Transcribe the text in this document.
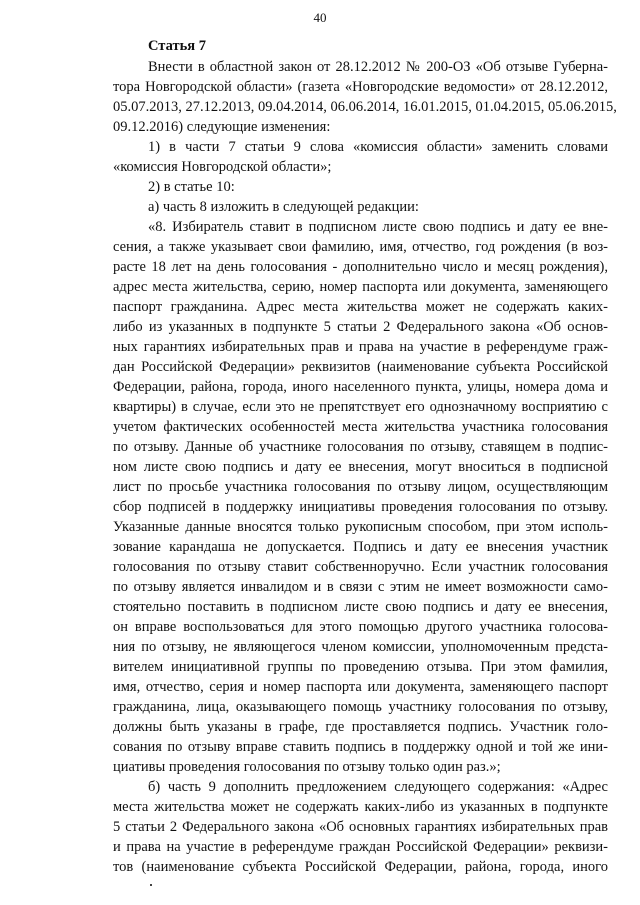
40
Статья 7
Внести в областной закон от 28.12.2012 № 200-ОЗ «Об отзыве Губерна-
тора Новгородской области» (газета «Новгородские ведомости» от 28.12.2012,
05.07.2013, 27.12.2013, 09.04.2014, 06.06.2014, 16.01.2015, 01.04.2015, 05.06.2015,
09.12.2016) следующие изменения:
1) в части 7 статьи 9 слова «комиссия области» заменить словами
«комиссия Новгородской области»;
2) в статье 10:
а) часть 8 изложить в следующей редакции:
«8. Избиратель ставит в подписном листе свою подпись и дату ее вне-
сения, а также указывает свои фамилию, имя, отчество, год рождения (в воз-
расте 18 лет на день голосования - дополнительно число и месяц рождения),
адрес места жительства, серию, номер паспорта или документа, заменяющего
паспорт гражданина. Адрес места жительства может не содержать каких-
либо из указанных в подпункте 5 статьи 2 Федерального закона «Об основ-
ных гарантиях избирательных прав и права на участие в референдуме граж-
дан Российской Федерации» реквизитов (наименование субъекта Российской
Федерации, района, города, иного населенного пункта, улицы, номера дома и
квартиры) в случае, если это не препятствует его однозначному восприятию с
учетом фактических особенностей места жительства участника голосования
по отзыву. Данные об участнике голосования по отзыву, ставящем в подпис-
ном листе свою подпись и дату ее внесения, могут вноситься в подписной
лист по просьбе участника голосования по отзыву лицом, осуществляющим
сбор подписей в поддержку инициативы проведения голосования по отзыву.
Указанные данные вносятся только рукописным способом, при этом исполь-
зование карандаша не допускается. Подпись и дату ее внесения участник
голосования по отзыву ставит собственноручно. Если участник голосования
по отзыву является инвалидом и в связи с этим не имеет возможности само-
стоятельно поставить в подписном листе свою подпись и дату ее внесения,
он вправе воспользоваться для этого помощью другого участника голосова-
ния по отзыву, не являющегося членом комиссии, уполномоченным предста-
вителем инициативной группы по проведению отзыва. При этом фамилия,
имя, отчество, серия и номер паспорта или документа, заменяющего паспорт
гражданина, лица, оказывающего помощь участнику голосования по отзыву,
должны быть указаны в графе, где проставляется подпись. Участник голо-
сования по отзыву вправе ставить подпись в поддержку одной и той же ини-
циативы проведения голосования по отзыву только один раз.»;
б) часть 9 дополнить предложением следующего содержания: «Адрес
места жительства может не содержать каких-либо из указанных в подпункте
5 статьи 2 Федерального закона «Об основных гарантиях избирательных прав
и права на участие в референдуме граждан Российской Федерации» реквизи-
тов (наименование субъекта Российской Федерации, района, города, иного
